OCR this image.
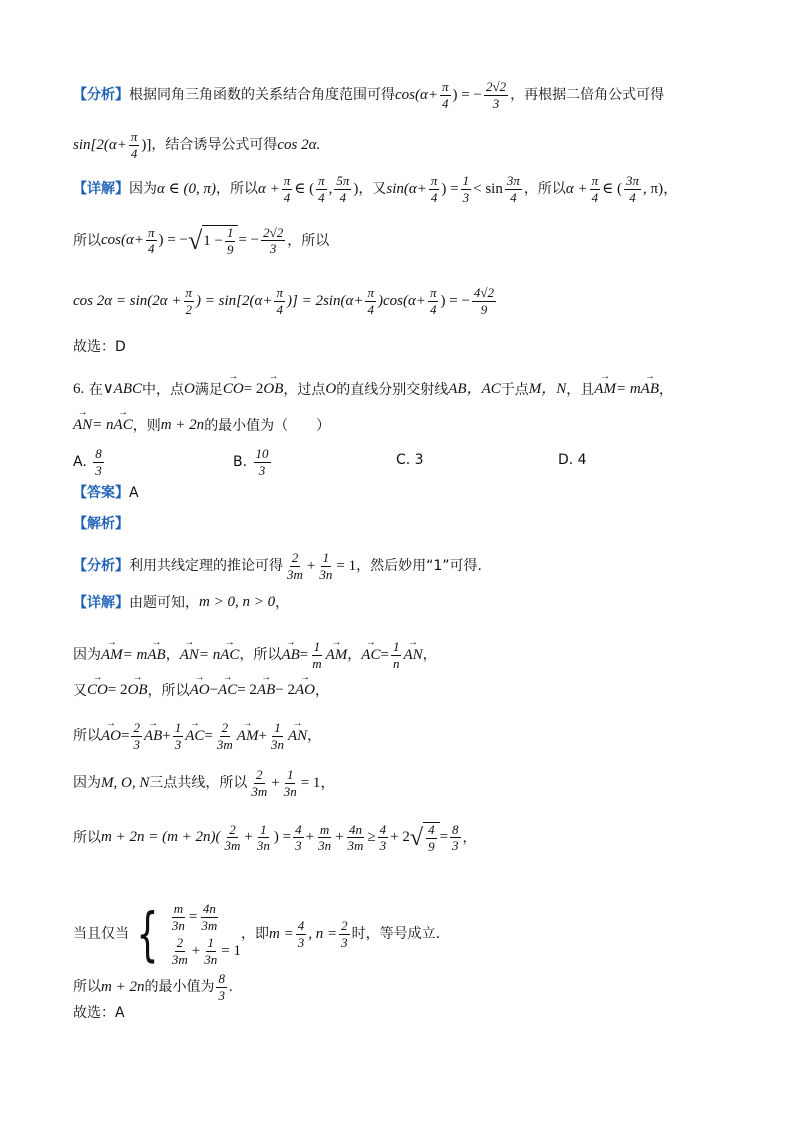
【分析】 根据同角三角函数的关系结合角度范围可得 $\cos(\alpha+ \frac{\pi}{4}$ ) = − $\frac{2√2}{3}$ ，再根据二倍角公式可得
$\sin[2(\alpha+ \frac{\pi}{4}$ )] ，结合诱导公式可得 cos 2α.
【详解】 因为 α ∈ (0, π) ，所以 $\alpha + \frac{\pi}{4}$ ∈ ( $\frac{\pi}{4}$ , $\frac{5\pi}{4}$ ) ，又 $\sin(\alpha+ \frac{\pi}{4}$ ) = $\frac{1}{3} < \sin \frac{3\pi}{4}$ ，所以 $\alpha + \frac{\pi}{4}$ ∈ ( $\frac{3\pi}{4}$ , π)，
所以 $\cos(\alpha+ \frac{\pi}{4}$ ) = − √ $1 - \frac{1}{9}$ = − $\frac{2√2}{3}$ ，所以
$\cos 2\alpha = \sin(2\alpha + \frac{\pi}{2}$ ) = $\sin[2(\alpha+ \frac{\pi}{4}$ )] = $2\sin(\alpha+ \frac{\pi}{4} )\cos(\alpha+ \frac{\pi}{4}$ ) = − $\frac{4√2}{9}$
故选：D
6.
在 ∨ABC 中，点 O 满足 → CO = 2 → OB ，过点 O 的直线分别交射线 AB，AC 于点 M，N ，且 → AM = m → AB ，
→ AN = n → AC ，则 m + 2n 的最小值为（　　）
A.
$\frac{8}{3}$	B.
$\frac{10}{3}$	C. 3	D. 4
【答案】 A
【解析】
【分析】 利用共线定理的推论可得 $\frac{2}{3m} + \frac{1}{3n} = 1$ ，然后妙用“1”可得.
【详解】 由题可知， m > 0, n > 0 ，
因为 → AM = m → AB ， → AN = n → AC ，所以 → AB = $\frac{1}{m}$ → AM ， → AC = $\frac{1}{n}$ → AN ，
又 → CO = 2 → OB ，所以 → AO − → AC = 2 → AB − 2 → AO ，
所以 → AO = $\frac{2}{3}$ → AB + $\frac{1}{3}$ → AC = $\frac{2}{3m}$ → AM + $\frac{1}{3n}$ → AN ，
因为 M, O, N 三点共线，所以 $\frac{2}{3m} + \frac{1}{3n} = 1$，
所以 $m + 2n = (m + 2n)( \frac{2}{3m} + \frac{1}{3n}$ ) = $\frac{4}{3} + \frac{m}{3n} + \frac{4n}{3m} \ge \frac{4}{3} + 2$ √ $\frac{4}{9} = \frac{8}{3}$ ，
当且仅当 { $\frac{m}{3n} = \frac{4n}{3m}$
$\frac{2}{3m} + \frac{1}{3n} = 1$
，即 $m = \frac{4}{3}$ , $n = \frac{2}{3}$ 时，等号成立.
所以 m + 2n 的最小值为 $\frac{8}{3}$ .
故选：A
